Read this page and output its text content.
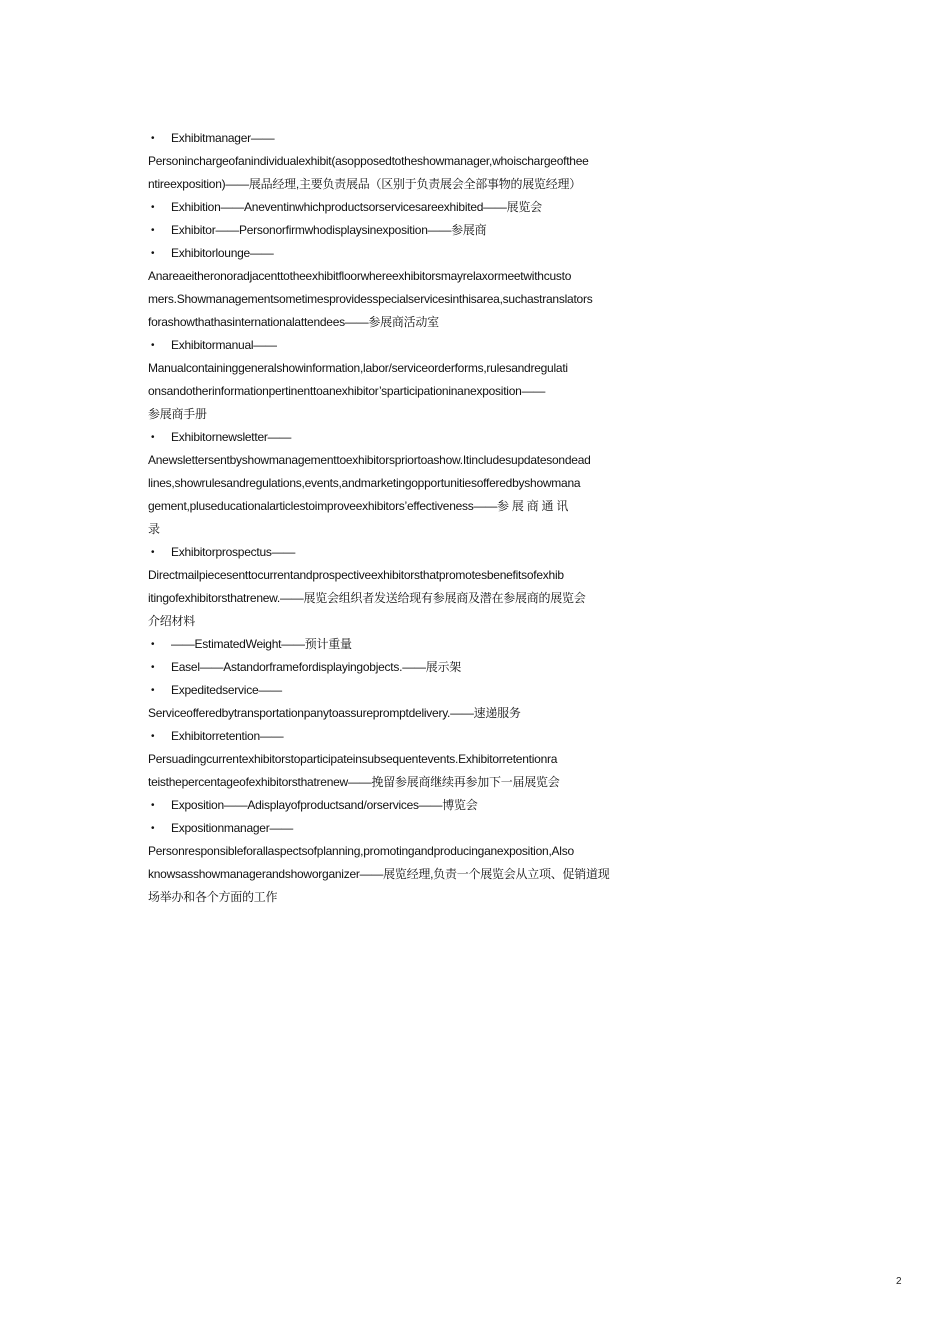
• Exhibitmanager——
Personinchargeofanindividualexhibit(asopposedtotheshowmanager,whoischargeofthee
ntireexposition)——展品经理,主要负责展品（区别于负责展会全部事物的展览经理）
• Exhibition——Aneventinwhichproductsorservicesareexhibited——展览会
• Exhibitor——Personorfirmwhodisplaysinexposition——参展商
• Exhibitorlounge——
Anareaeitheronoradjacenttotheexhibitfloorwhereexhibitorsmayrelaxormeetwithcusto
mers.Showmanagementsometimesprovidesspecialservicesinthisarea,suchastranslators
forashowthathasinternationalattendees——参展商活动室
• Exhibitormanual——
Manualcontaininggeneralshowinformation,labor/serviceorderforms,rulesandregulati
onsandotherinformationpertinenttoanexhibitor’sparticipationinanexposition——
参展商手册
• Exhibitornewsletter——
Anewslettersentbyshowmanagementtoexhibitorspriortoashow.Itincludesupdatesondead
lines,showrulesandregulations,events,andmarketingopportunitiesofferedbyshowmana
gement,pluseducationalarticlestoimproveexhibitors’effectiveness——参 展 商 通 讯
录
• Exhibitorprospectus——
Directmailpiecesenttocurrentandprospectiveexhibitorsthatpromotesbenefitsofexhib
itingofexhibitorsthatrenew.——展览会组织者发送给现有参展商及潜在参展商的展览会
介绍材料
• ——EstimatedWeight——预计重量
• Easel——Astandorframefordisplayingobjects.——展示架
• Expeditedservice——
Serviceofferedbytransportationpanytoassurepromptdelivery.——速递服务
• Exhibitorretention——
Persuadingcurrentexhibitorstoparticipateinsubsequentevents.Exhibitorretentionra
teisthepercentageofexhibitorsthatrenew——挽留参展商继续再参加下一届展览会
• Exposition——Adisplayofproductsand/orservices——博览会
• Expositionmanager——
Personresponsibleforallaspectsofplanning,promotingandproducinganexposition,Also
knowsasshowmanagerandshoworganizer——展览经理,负责一个展览会从立项、促销道现
场举办和各个方面的工作
2
